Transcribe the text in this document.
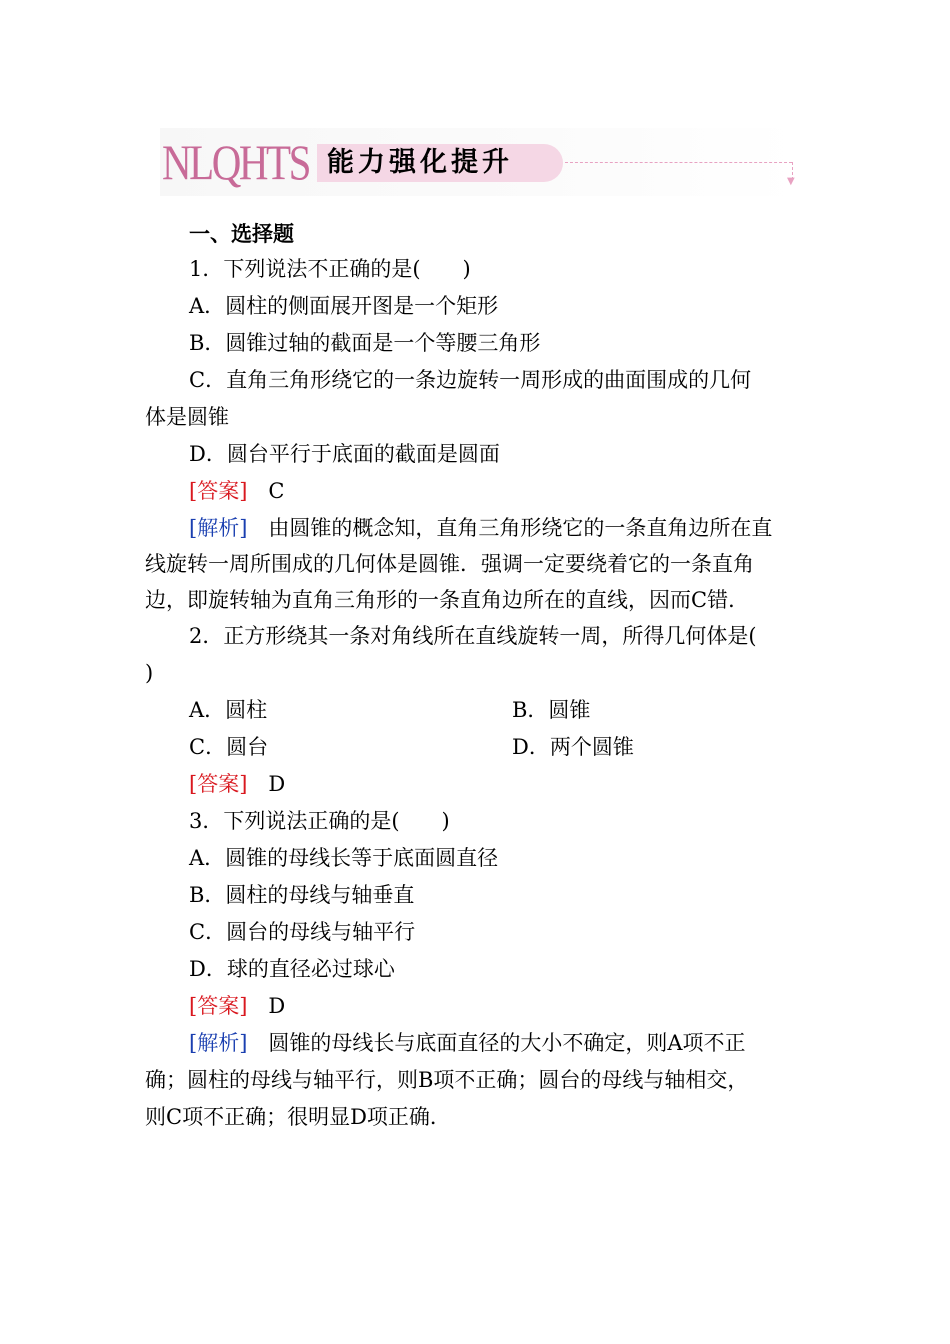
NLQHTS 能力强化提升
▼
一、选择题
1．下列说法不正确的是(　　)
A．圆柱的侧面展开图是一个矩形
B．圆锥过轴的截面是一个等腰三角形
C．直角三角形绕它的一条边旋转一周形成的曲面围成的几何
体是圆锥
D．圆台平行于底面的截面是圆面
[答案]　 C
[解析]　 由圆锥的概念知，直角三角形绕它的一条直角边所在直
线旋转一周所围成的几何体是圆锥．强调一定要绕着它的一条直角
边，即旋转轴为直角三角形的一条直角边所在的直线，因而C错．
2．正方形绕其一条对角线所在直线旋转一周，所得几何体是(
)
A．圆柱	B．圆锥
C．圆台	D．两个圆锥
[答案]　 D
3．下列说法正确的是(　　)
A．圆锥的母线长等于底面圆直径
B．圆柱的母线与轴垂直
C．圆台的母线与轴平行
D．球的直径必过球心
[答案]　 D
[解析]　 圆锥的母线长与底面直径的大小不确定，则A项不正
确；圆柱的母线与轴平行，则B项不正确；圆台的母线与轴相交，
则C项不正确；很明显D项正确．
